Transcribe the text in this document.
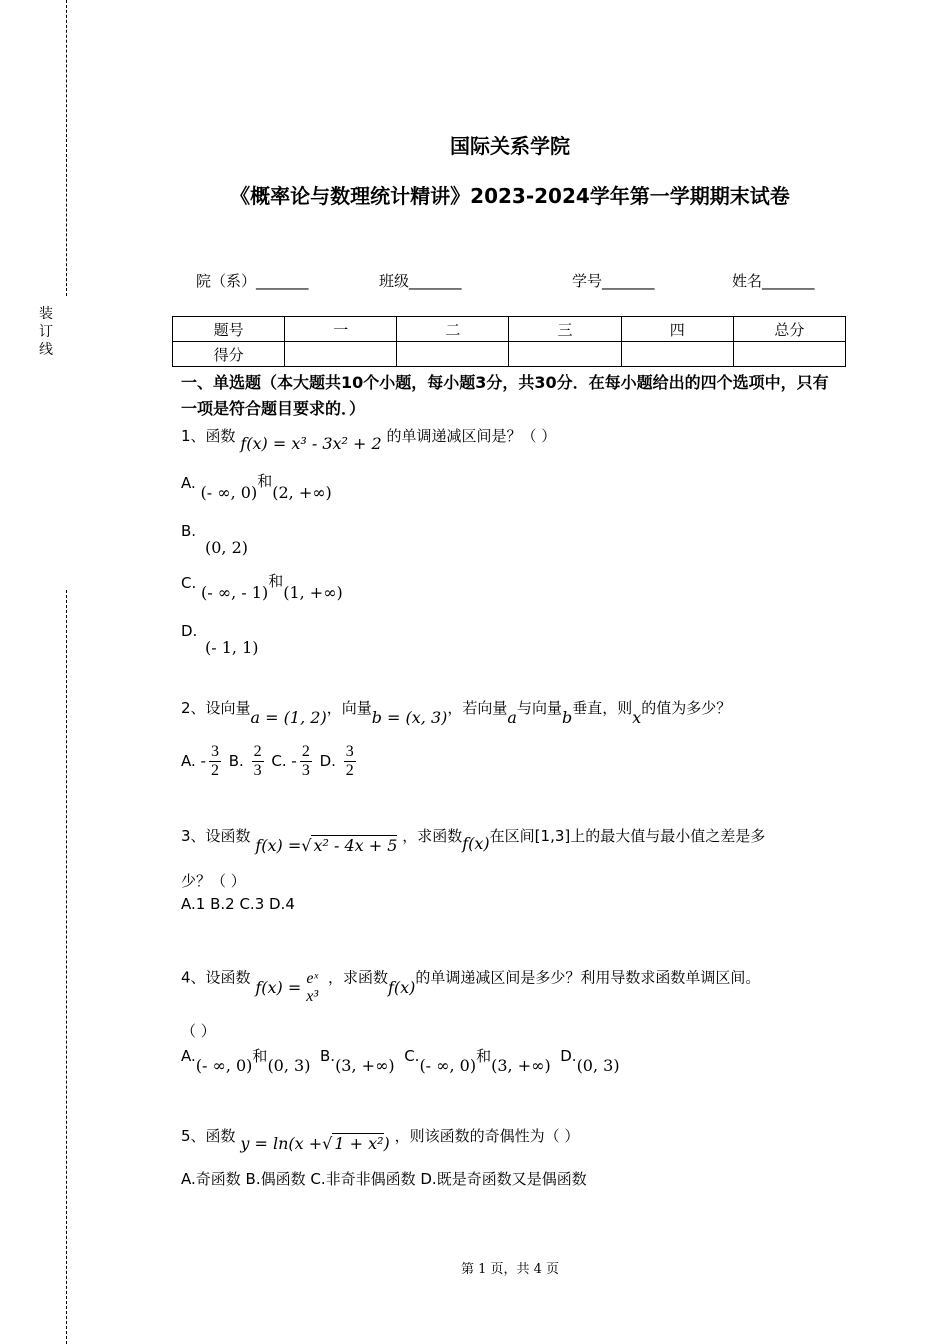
装订线
国际关系学院
《概率论与数理统计精讲》2023-2024学年第一学期期末试卷
院（系）_______	班级_______	学号_______	姓名_______
题号	一	二	三	四	总分
得分					
一、单选题（本大题共10个小题，每小题3分，共30分．在每小题给出的四个选项中，只有一项是符合题目要求的．）
1、函数 f(x) = x³ - 3x² + 2 的单调递减区间是？（ ）
A. (- ∞, 0)和(2, +∞)
B.
(0, 2)
C. (- ∞, - 1)和(1, +∞)
D.
(- 1, 1)
2、设向量a = (1, 2)，向量b = (x, 3)，若向量a与向量b垂直，则x的值为多少？
A. - $\frac{3}{2} B$. $\frac{2}{3} C$. - $\frac{2}{3} D$. $\frac{3}{2}$
3、设函数 f(x) =√ x² - 4x + 5 ，求函数f(x)在区间[1,3]上的最大值与最小值之差是多
少？（ ）
A.1 B.2 C.3 D.4
4、设函数 f(x) = eˣ
x³
，求函数f(x)的单调递减区间是多少？利用导数求函数单调区间。
（ ）
A.(- ∞, 0)和(0, 3) B.(3, +∞) C.(- ∞, 0)和(3, +∞) D.(0, 3)
5、函数 y = ln(x +√ 1 + x²) ，则该函数的奇偶性为（ ）
A.奇函数 B.偶函数 C.非奇非偶函数 D.既是奇函数又是偶函数
第 1 页，共 4 页
